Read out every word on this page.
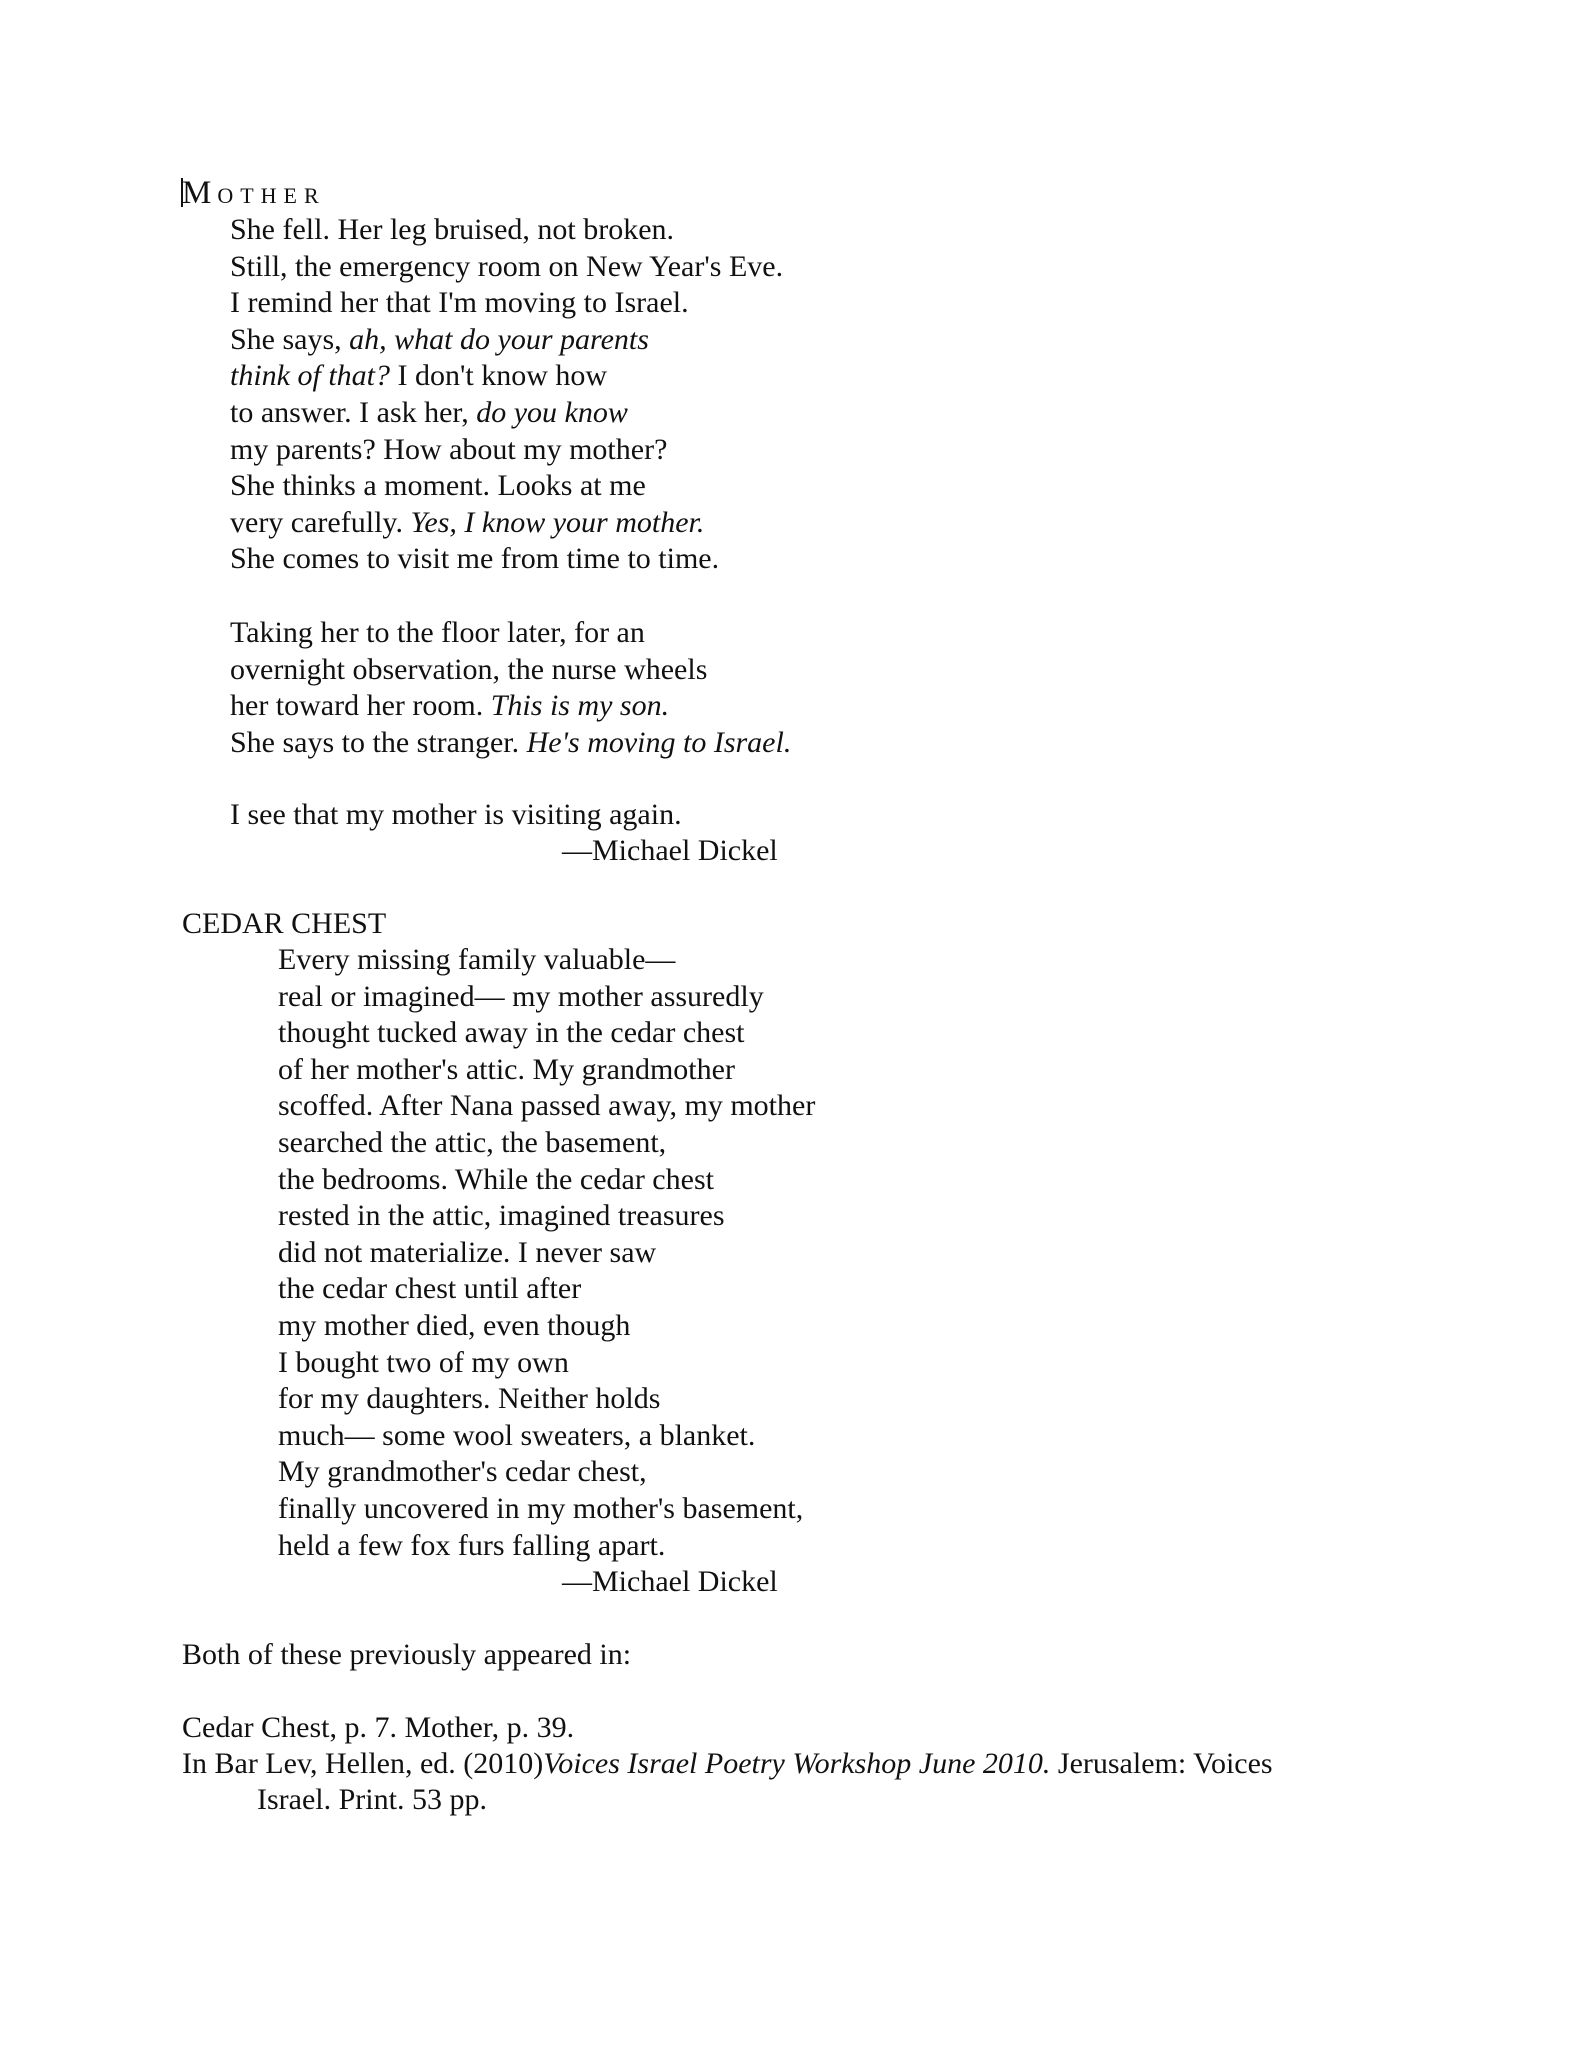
MOTHER
She fell. Her leg bruised, not broken.
Still, the emergency room on New Year's Eve.
I remind her that I'm moving to Israel.
She says, ah, what do your parents
think of that? I don't know how
to answer. I ask her, do you know
my parents? How about my mother?
She thinks a moment. Looks at me
very carefully. Yes, I know your mother.
She comes to visit me from time to time.
Taking her to the floor later, for an
overnight observation, the nurse wheels
her toward her room. This is my son.
She says to the stranger. He's moving to Israel.
I see that my mother is visiting again.
—Michael Dickel
CEDAR CHEST
Every missing family valuable—
real or imagined— my mother assuredly
thought tucked away in the cedar chest
of her mother's attic. My grandmother
scoffed. After Nana passed away, my mother
searched the attic, the basement,
the bedrooms. While the cedar chest
rested in the attic, imagined treasures
did not materialize. I never saw
the cedar chest until after
my mother died, even though
I bought two of my own
for my daughters. Neither holds
much— some wool sweaters, a blanket.
My grandmother's cedar chest,
finally uncovered in my mother's basement,
held a few fox furs falling apart.
—Michael Dickel
Both of these previously appeared in:
Cedar Chest, p. 7. Mother, p. 39.
In Bar Lev, Hellen, ed. (2010)Voices Israel Poetry Workshop June 2010. Jerusalem: Voices
Israel. Print. 53 pp.
